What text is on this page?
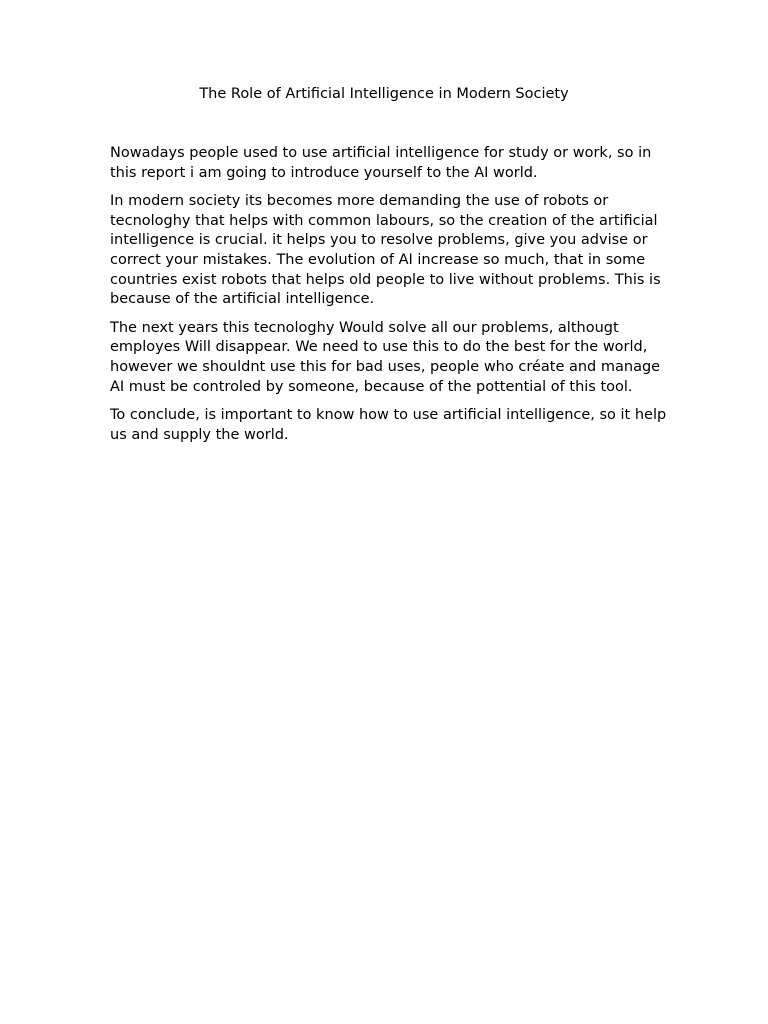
The Role of Artificial Intelligence in Modern Society

Nowadays people used to use artificial intelligence for study or work, so in this report i am going to introduce yourself to the AI world.

In modern society its becomes more demanding the use of robots or tecnologhy that helps with common labours, so the creation of the artificial intelligence is crucial. it helps you to resolve problems, give you advise or correct your mistakes. The evolution of AI increase so much, that in some countries exist robots that helps old people to live without problems. This is because of the artificial intelligence.

The next years this tecnologhy Would solve all our problems, althougt employes Will disappear. We need to use this to do the best for the world, however we shouldnt use this for bad uses, people who créate and manage AI must be controled by someone, because of the pottential of this tool.

To conclude, is important to know how to use artificial intelligence, so it help us and supply the world.
